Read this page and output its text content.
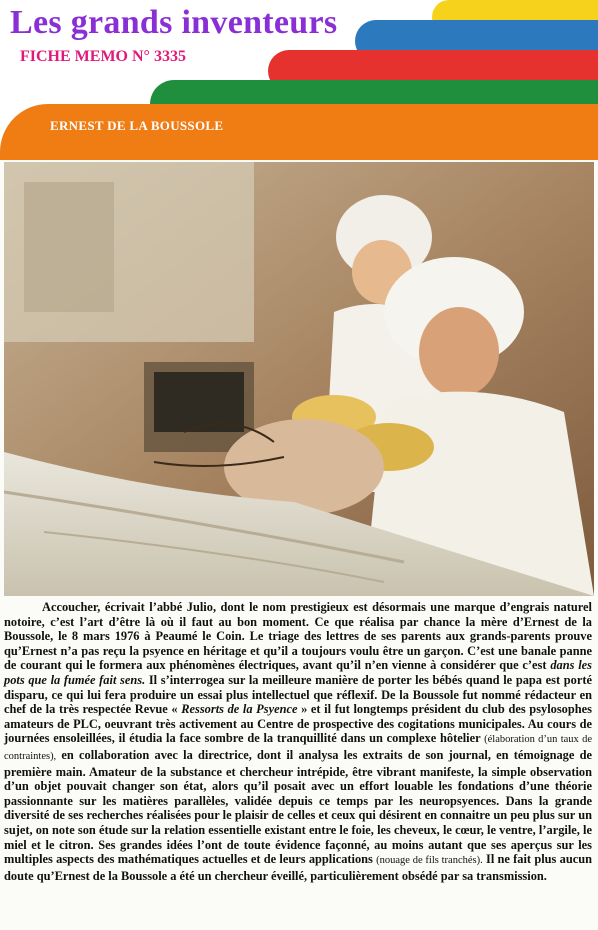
Les grands inventeurs
FICHE MEMO N° 3335
ERNEST DE LA BOUSSOLE

Accoucher, écrivait l’abbé Julio, dont le nom prestigieux est désormais une marque d’engrais naturel notoire, c’est l’art d’être là où il faut au bon moment. Ce que réalisa par chance la mère d’Ernest de la Boussole, le 8 mars 1976 à Peaumé le Coin. Le triage des lettres de ses parents aux grands-parents prouve qu’Ernest n’a pas reçu la psyence en héritage et qu’il a toujours voulu être un garçon. C’est une banale panne de courant qui le formera aux phénomènes électriques, avant qu’il n’en vienne à considérer que c’est dans les pots que la fumée fait sens. Il s’interrogea sur la meilleure manière de porter les bébés quand le papa est porté disparu, ce qui lui fera produire un essai plus intellectuel que réflexif. De la Boussole fut nommé rédacteur en chef de la très respectée Revue « Ressorts de la Psyence » et il fut longtemps président du club des psylosophes amateurs de PLC, oeuvrant très activement au Centre de prospective des cogitations municipales. Au cours de journées ensoleillées, il étudia la face sombre de la tranquillité dans un complexe hôtelier (élaboration d’un taux de contraintes), en collaboration avec la directrice, dont il analysa les extraits de son journal, en témoignage de première main. Amateur de la substance et chercheur intrépide, être vibrant manifeste, la simple observation d’un objet pouvait changer son état, alors qu’il posait avec un effort louable les fondations d’une théorie passionnante sur les matières parallèles, validée depuis ce temps par les neuropsyences. Dans la grande diversité de ses recherches réalisées pour le plaisir de celles et ceux qui désirent en connaitre un peu plus sur un sujet, on note son étude sur la relation essentielle existant entre le foie, les cheveux, le cœur, le ventre, l’argile, le miel et le citron. Ses grandes idées l’ont de toute évidence façonné, au moins autant que ses aperçus sur les multiples aspects des mathématiques actuelles et de leurs applications (nouage de fils tranchés). Il ne fait plus aucun doute qu’Ernest de la Boussole a été un chercheur éveillé, particulièrement obsédé par sa transmission.
